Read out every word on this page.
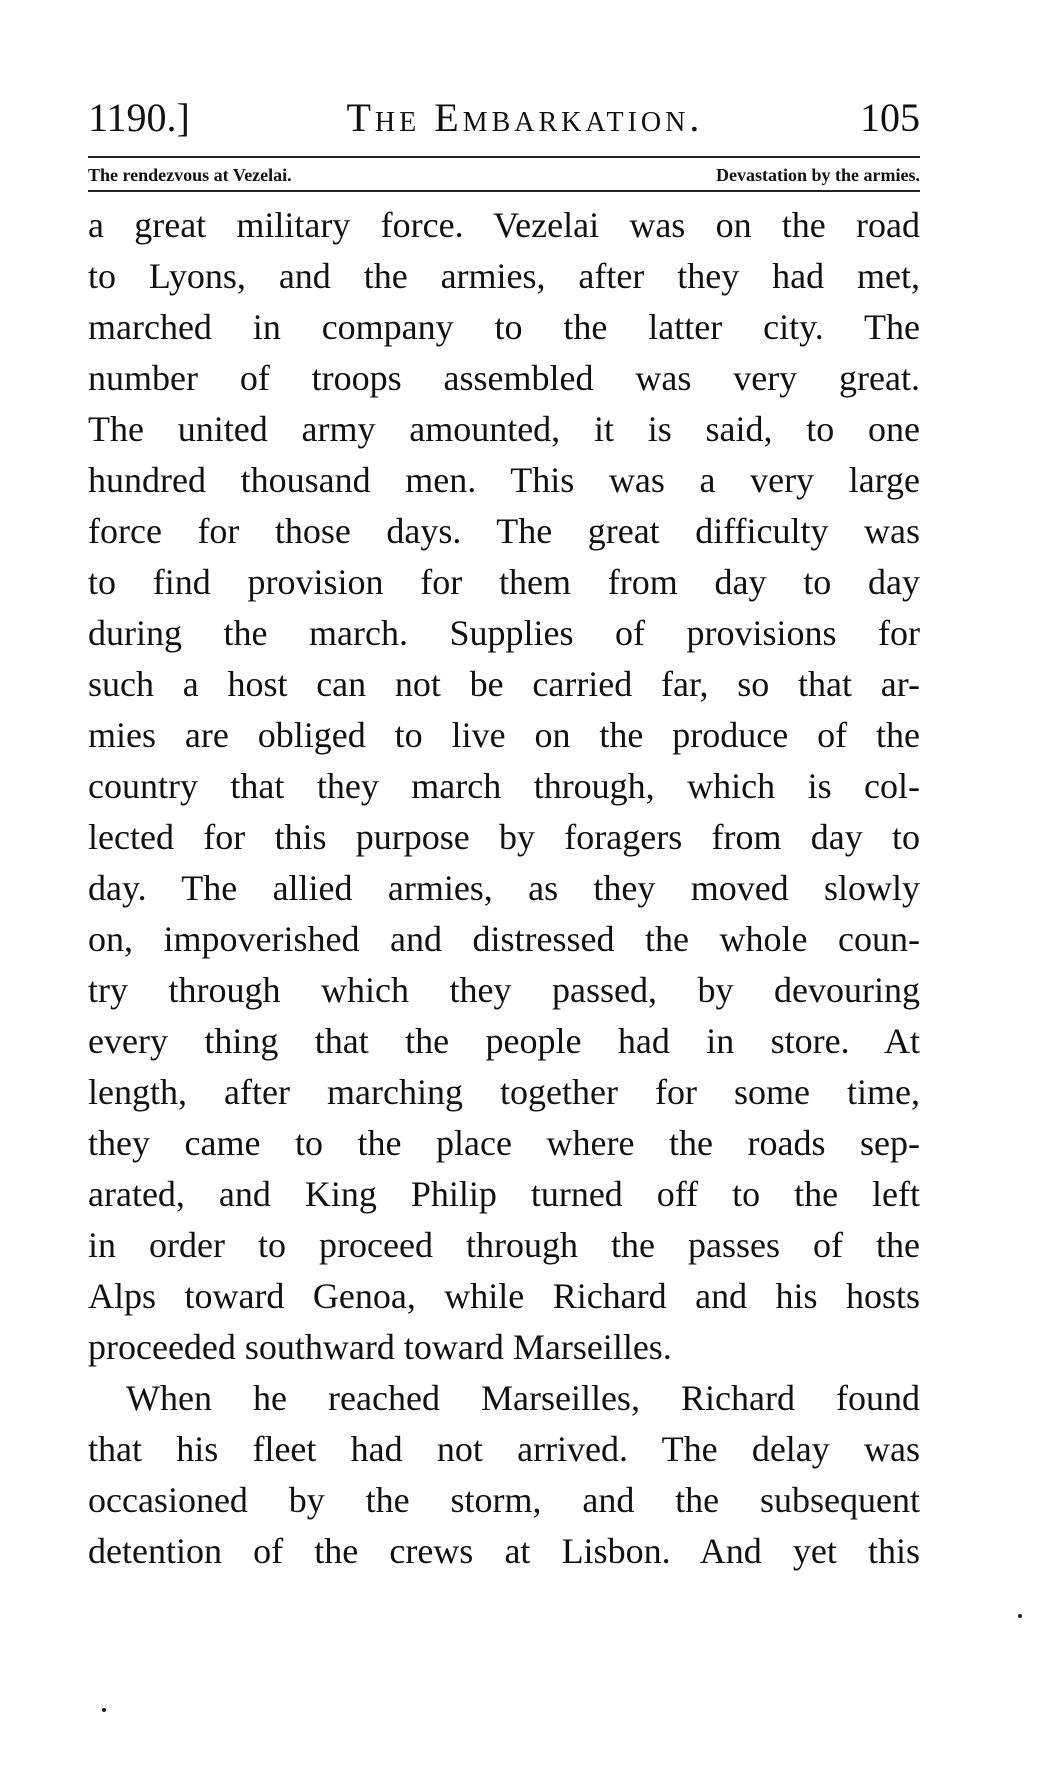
1190.]	The Embarkation.	105
The rendezvous at Vezelai.	Devastation by the armies.
a great military force. Vezelai was on the road
to Lyons, and the armies, after they had met,
marched in company to the latter city. The
number of troops assembled was very great.
The united army amounted, it is said, to one
hundred thousand men. This was a very large
force for those days. The great difficulty was
to find provision for them from day to day
during the march. Supplies of provisions for
such a host can not be carried far, so that ar-
mies are obliged to live on the produce of the
country that they march through, which is col-
lected for this purpose by foragers from day to
day. The allied armies, as they moved slowly
on, impoverished and distressed the whole coun-
try through which they passed, by devouring
every thing that the people had in store. At
length, after marching together for some time,
they came to the place where the roads sep-
arated, and King Philip turned off to the left
in order to proceed through the passes of the
Alps toward Genoa, while Richard and his hosts
proceeded southward toward Marseilles.
When he reached Marseilles, Richard found
that his fleet had not arrived. The delay was
occasioned by the storm, and the subsequent
detention of the crews at Lisbon. And yet this
